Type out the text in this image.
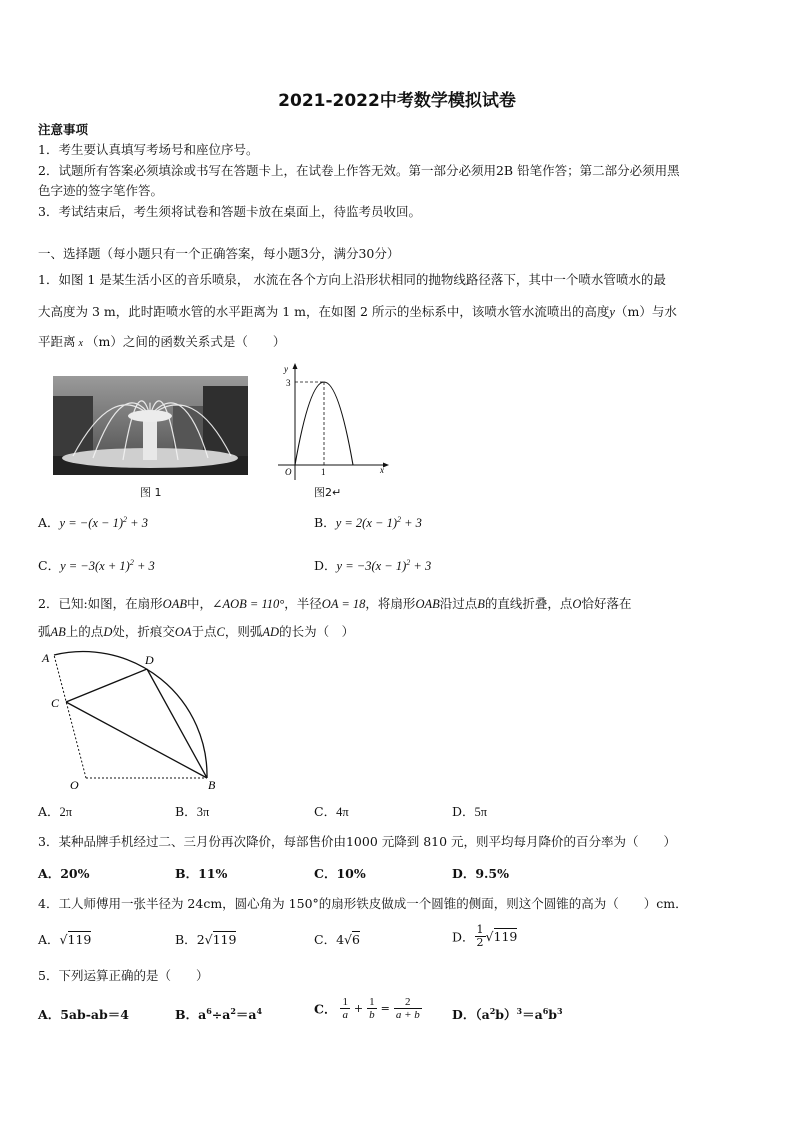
2021-2022中考数学模拟试卷
注意事项
1．考生要认真填写考场号和座位序号。
2．试题所有答案必须填涂或书写在答题卡上，在试卷上作答无效。第一部分必须用2B 铅笔作答；第二部分必须用黑
色字迹的签字笔作答。
3．考试结束后，考生须将试卷和答题卡放在桌面上，待监考员收回。
一、选择题（每小题只有一个正确答案，每小题3分，满分30分）
1．如图 1 是某生活小区的音乐喷泉， 水流在各个方向上沿形状相同的抛物线路径落下，其中一个喷水管喷水的最
大高度为 3 m，此时距喷水管的水平距离为 1 m，在如图 2 所示的坐标系中，该喷水管水流喷出的高度y（m）与水
平距离 x （m）之间的函数关系式是（　　）
图 1
y
3
O	1	x
图2↵
A．$y = -(x - 1)^2 + 3$	B．$y = 2(x - 1)^2 + 3$
C．$y = -3(x + 1)^2 + 3$	D．$y = -3(x - 1)^2 + 3$
2．已知:如图，在扇形OAB中，∠AOB = 110°，半径OA = 18，将扇形OAB沿过点B的直线折叠，点O恰好落在
弧AB上的点D处，折痕交OA于点C，则弧AD的长为（　）
A	D
C
O	B
A．2π	B．3π	C．4π	D．5π
3．某种品牌手机经过二、三月份再次降价，每部售价由1000 元降到 810 元，则平均每月降价的百分率为（　　）
A．20%	B．11%	C．10%	D．9.5%
4．工人师傅用一张半径为 24cm，圆心角为 150°的扇形铁皮做成一个圆锥的侧面，则这个圆锥的高为（　　）cm．
A．√119	B．2√119	C．4√6	D． $\frac{1}{2} √119$
5．下列运算正确的是（　　）
A．5ab-ab＝4	B．$a^6\div a^2=a^4$	C． $\frac{1}{a} + \frac{1}{b} = \frac{2}{a + b}$ D．$(a^2b)^3=a^6b^3$
